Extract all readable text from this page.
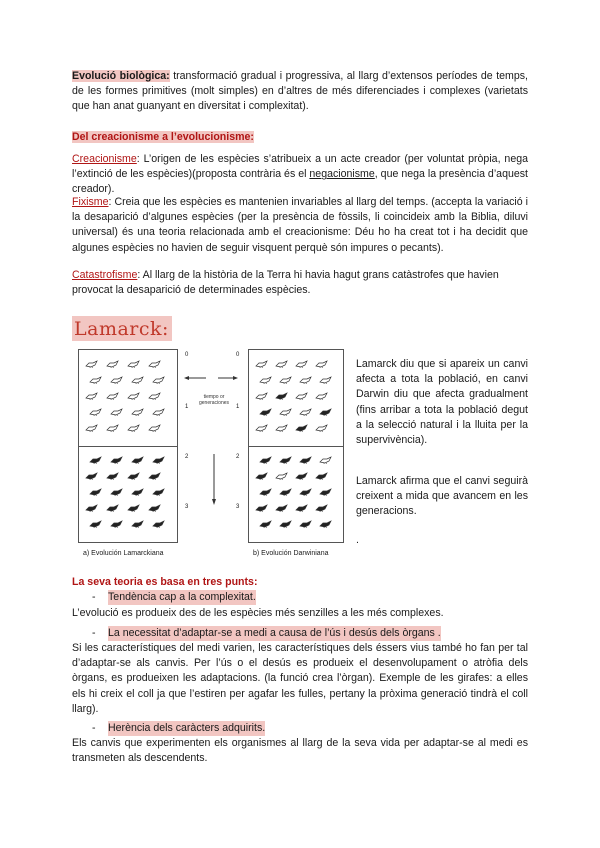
Evolució biològica: transformació gradual i progressiva, al llarg d’extensos períodes de temps, de les formes primitives (molt simples) en d’altres de més diferenciades i complexes (varietats que han anat guanyant en diversitat i complexitat).

Del creacionisme a l’evolucionisme:

Creacionisme: L’origen de les espècies s’atribueix a un acte creador (per voluntat pròpia, nega l’extinció de les espècies)(proposta contrària és el negacionisme, que nega la presència d’aquest creador).

Fixisme: Creia que les espècies es mantenien invariables al llarg del temps. (accepta la variació i la desaparició d’algunes espècies (per la presència de fòssils, li coincideix amb la Biblia, diluvi universal) és una teoria relacionada amb el creacionisme: Déu ho ha creat tot i ha decidit que algunes espècies no havien de seguir visquent perquè són impures o pecants).

Catastrofisme: Al llarg de la història de la Terra hi havia hagut grans catàstrofes que havien provocat la desaparició de determinades espècies.

Lamarck:
0
1
2
3
0
1
2
3
tiempo or generaciones
a) Evolución Lamarckiana	b) Evolución Darwiniana

Lamarck diu que si apareix un canvi afecta a tota la població, en canvi Darwin diu que afecta gradualment (fins arribar a tota la població degut a la selecció natural i la lluita per la supervivència).

Lamarck afirma que el canvi seguirà creixent a mida que avancem en les generacions.

.

La seva teoria es basa en tres punts:

- Tendència cap a la complexitat.

L’evolució es produeix des de les espècies més senzilles a les més complexes.

- La necessitat d’adaptar-se a medi a causa de l’ús i desús dels òrgans .

Si les característiques del medi varien, les característiques dels éssers vius també ho fan per tal d’adaptar-se als canvis. Per l’ús o el desús es produeix el desenvolupament o atròfia dels òrgans, es produeixen les adaptacions. (la funció crea l’òrgan). Exemple de les girafes: a elles els hi creix el coll ja que l’estiren per agafar les fulles, pertany la pròxima generació tindrà el coll llarg).

- Herència dels caràcters adquirits.

Els canvis que experimenten els organismes al llarg de la seva vida per adaptar-se al medi es transmeten als descendents.
